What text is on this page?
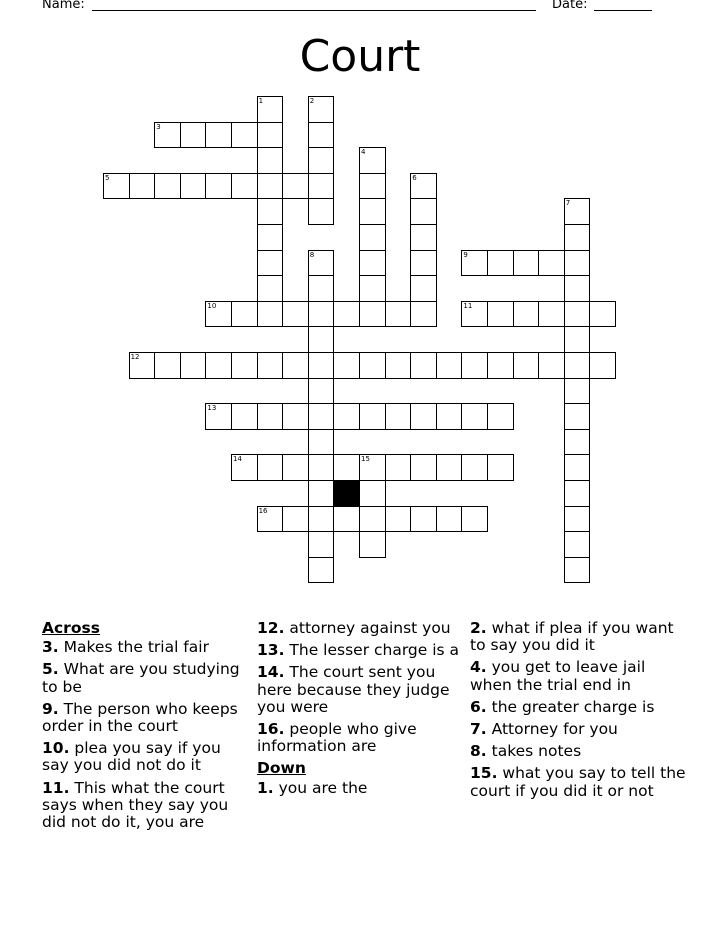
Name:	Date:
Court
1	2
3
4
5	6
7
8	9
10	11
12
13
14	15
16
Across
3. Makes the trial fair
5. What are you studying to be
9. The person who keeps order in the court
10. plea you say if you say you did not do it
11. This what the court says when they say you did not do it, you are
12. attorney against you
13. The lesser charge is a
14. The court sent you here because they judge you were
16. people who give information are
Down
1. you are the
2. what if plea if you want to say you did it
4. you get to leave jail when the trial end in
6. the greater charge is
7. Attorney for you
8. takes notes
15. what you say to tell the court if you did it or not
